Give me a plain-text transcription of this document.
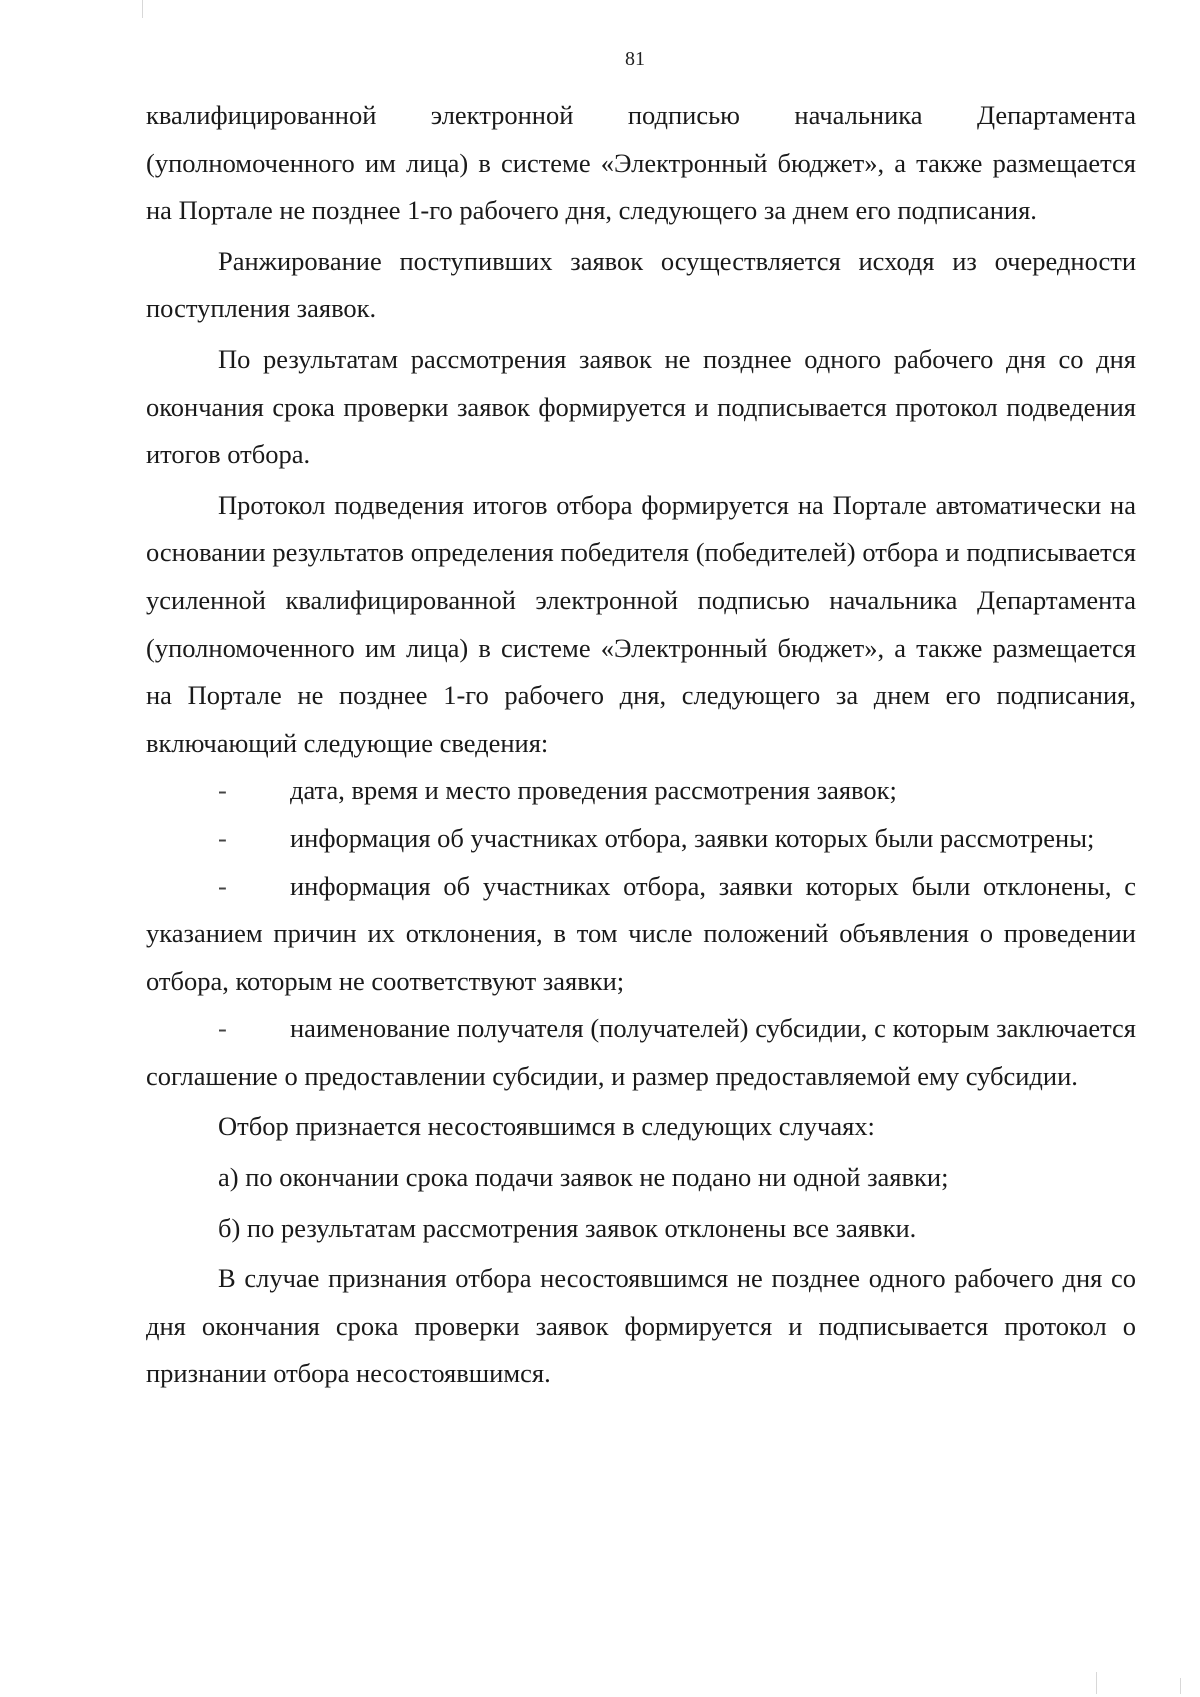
81

квалифицированной электронной подписью начальника Департамента (уполномоченного им лица) в системе «Электронный бюджет», а также размещается на Портале не позднее 1-го рабочего дня, следующего за днем его подписания.

Ранжирование поступивших заявок осуществляется исходя из очередности поступления заявок.

По результатам рассмотрения заявок не позднее одного рабочего дня со дня окончания срока проверки заявок формируется и подписывается протокол подведения итогов отбора.

Протокол подведения итогов отбора формируется на Портале автоматически на основании результатов определения победителя (победителей) отбора и подписывается усиленной квалифицированной электронной подписью начальника Департамента (уполномоченного им лица) в системе «Электронный бюджет», а также размещается на Портале не позднее 1-го рабочего дня, следующего за днем его подписания, включающий следующие сведения:

- дата, время и место проведения рассмотрения заявок;

- информация об участниках отбора, заявки которых были рассмотрены;

- информация об участниках отбора, заявки которых были отклонены, с указанием причин их отклонения, в том числе положений объявления о проведении отбора, которым не соответствуют заявки;

- наименование получателя (получателей) субсидии, с которым заключается соглашение о предоставлении субсидии, и размер предоставляемой ему субсидии.

Отбор признается несостоявшимся в следующих случаях:

а) по окончании срока подачи заявок не подано ни одной заявки;

б) по результатам рассмотрения заявок отклонены все заявки.

В случае признания отбора несостоявшимся не позднее одного рабочего дня со дня окончания срока проверки заявок формируется и подписывается протокол о признании отбора несостоявшимся.
